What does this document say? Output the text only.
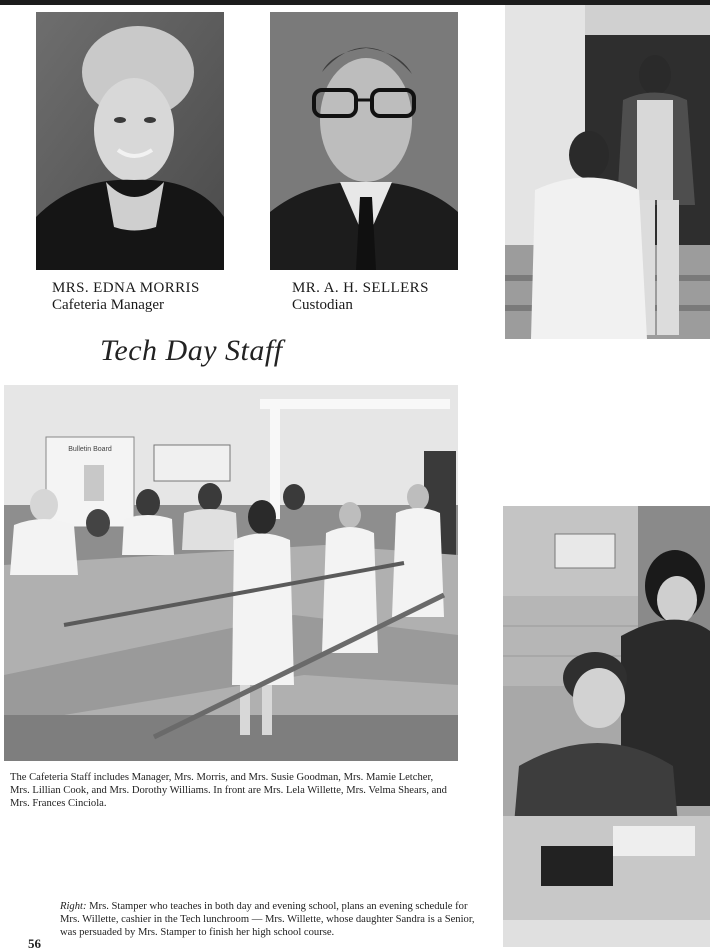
MRS. EDNA MORRIS
Cafeteria Manager
MR. A. H. SELLERS
Custodian
Tech Day Staff
Bulletin Board
The Cafeteria Staff includes Manager, Mrs. Morris, and Mrs. Susie Goodman, Mrs. Mamie Letcher, Mrs. Lillian Cook, and Mrs. Dorothy Williams. In front are Mrs. Lela Willette, Mrs. Velma Shears, and Mrs. Frances Cinciola.
Right: Mrs. Stamper who teaches in both day and evening school, plans an evening schedule for Mrs. Willette, cashier in the Tech lunchroom — Mrs. Willette, whose daughter Sandra is a Senior, was persuaded by Mrs. Stamper to finish her high school course.
56
